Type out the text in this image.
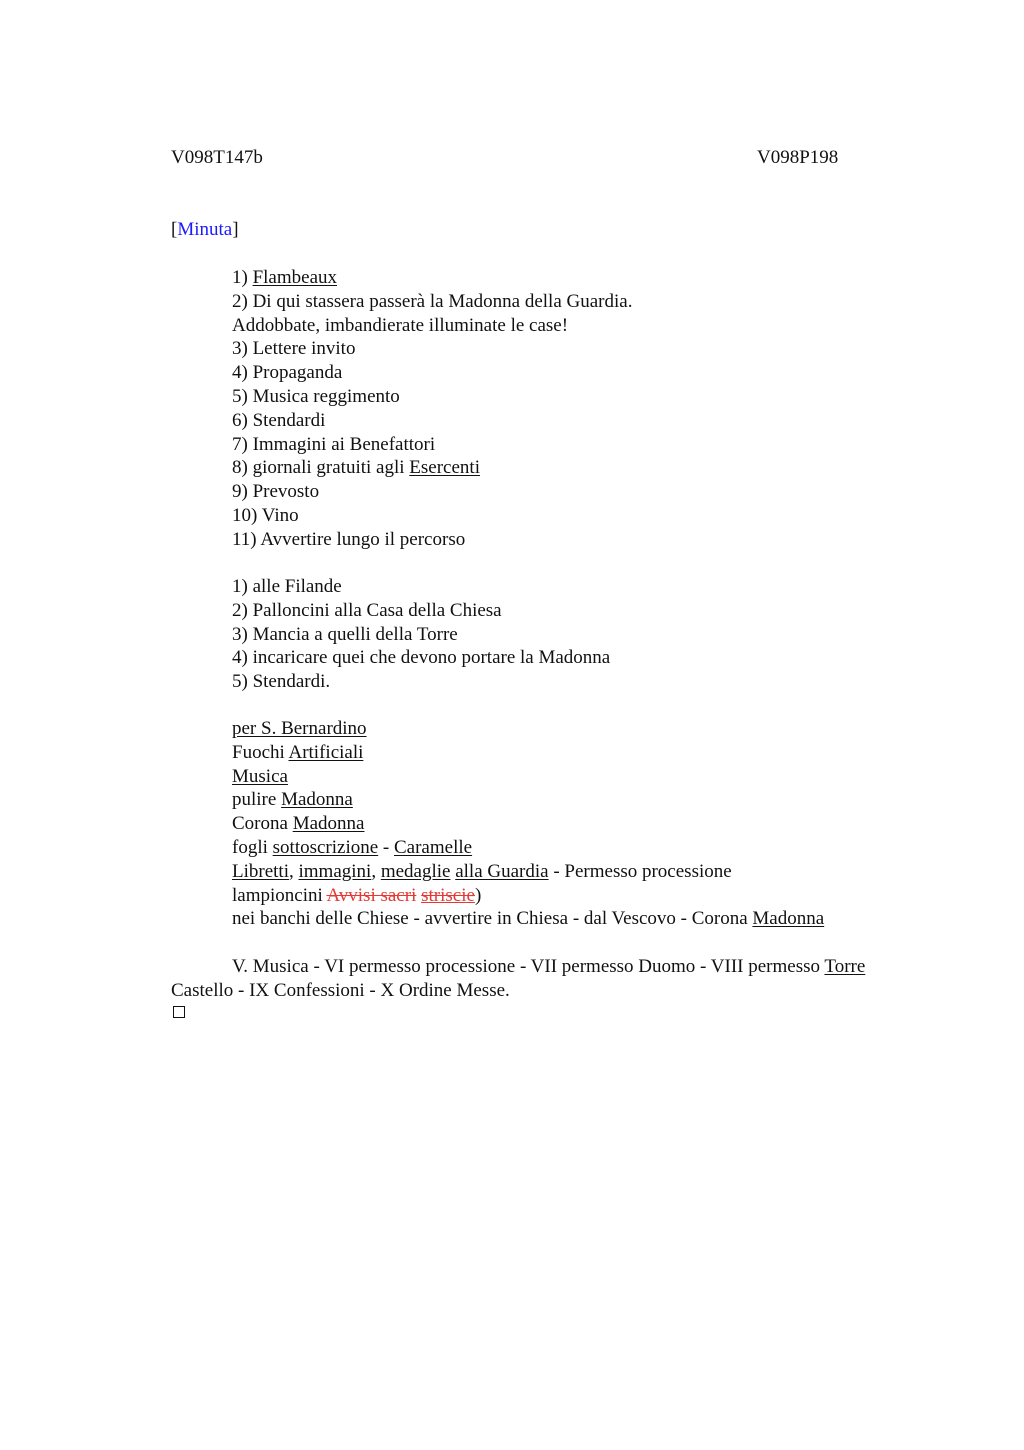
V098T147b	V098P198
[Minuta]
1) Flambeaux
2) Di qui stassera passerà la Madonna della Guardia.
Addobbate, imbandierate illuminate le case!
3) Lettere invito
4) Propaganda
5) Musica reggimento
6) Stendardi
7) Immagini ai Benefattori
8) giornali gratuiti agli Esercenti
9) Prevosto
10) Vino
11) Avvertire lungo il percorso
1) alle Filande
2) Palloncini alla Casa della Chiesa
3) Mancia a quelli della Torre
4) incaricare quei che devono portare la Madonna
5) Stendardi.
per S. Bernardino
Fuochi Artificiali
Musica
pulire Madonna
Corona Madonna
fogli sottoscrizione - Caramelle
Libretti, immagini, medaglie alla Guardia - Permesso processione
lampioncini Avvisi sacri striscie)
nei banchi delle Chiese - avvertire in Chiesa - dal Vescovo - Corona Madonna
V. Musica - VI permesso processione - VII permesso Duomo - VIII permesso Torre
Castello - IX Confessioni - X Ordine Messe.
